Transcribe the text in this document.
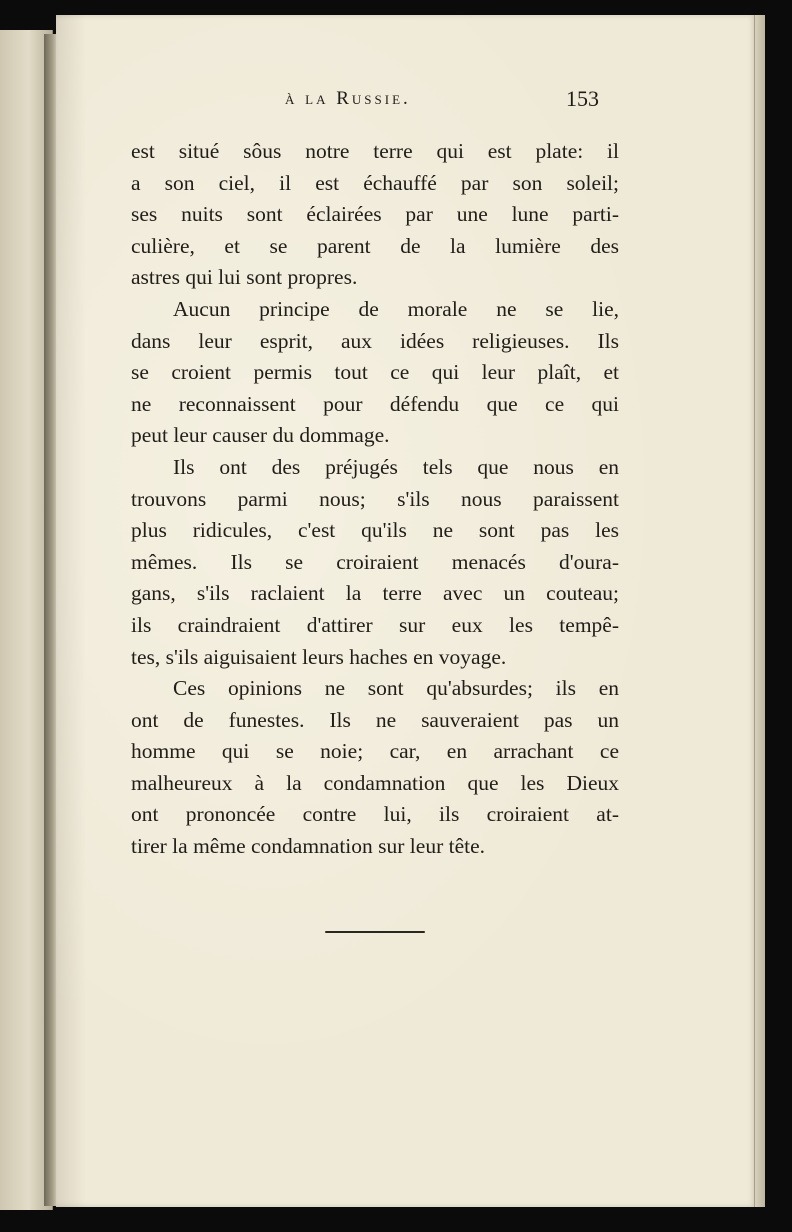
à la Russie.	153
est situé sôus notre terre qui est plate: il
a son ciel, il est échauffé par son soleil;
ses nuits sont éclairées par une lune parti-
culière, et se parent de la lumière des
astres qui lui sont propres.
Aucun principe de morale ne se lie,
dans leur esprit, aux idées religieuses. Ils
se croient permis tout ce qui leur plaît, et
ne reconnaissent pour défendu que ce qui
peut leur causer du dommage.
Ils ont des préjugés tels que nous en
trouvons parmi nous; s'ils nous paraissent
plus ridicules, c'est qu'ils ne sont pas les
mêmes. Ils se croiraient menacés d'oura-
gans, s'ils raclaient la terre avec un couteau;
ils craindraient d'attirer sur eux les tempê-
tes, s'ils aiguisaient leurs haches en voyage.
Ces opinions ne sont qu'absurdes; ils en
ont de funestes. Ils ne sauveraient pas un
homme qui se noie; car, en arrachant ce
malheureux à la condamnation que les Dieux
ont prononcée contre lui, ils croiraient at-
tirer la même condamnation sur leur tête.
